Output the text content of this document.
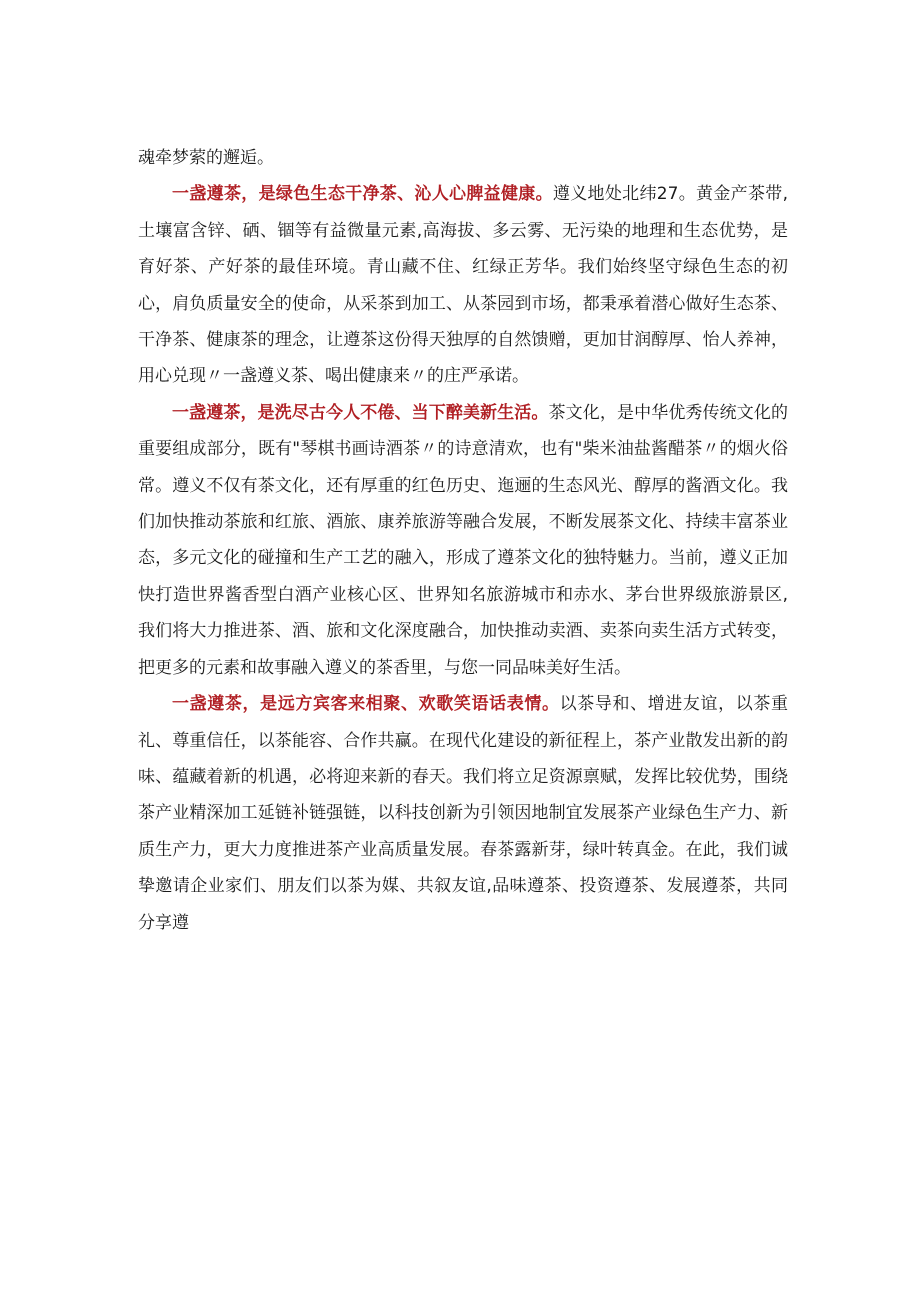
魂牵梦萦的邂逅。

一盏遵茶，是绿色生态干净茶、沁人心脾益健康。遵义地处北纬27。黄金产茶带,土壤富含锌、硒、锢等有益微量元素,高海拔、多云雾、无污染的地理和生态优势，是育好茶、产好茶的最佳环境。青山藏不住、红绿正芳华。我们始终坚守绿色生态的初心，肩负质量安全的使命，从采茶到加工、从茶园到市场，都秉承着潜心做好生态茶、干净茶、健康茶的理念，让遵茶这份得天独厚的自然馈赠，更加甘润醇厚、怡人养神，用心兑现〃一盏遵义茶、喝出健康来〃的庄严承诺。

一盏遵茶，是洗尽古今人不倦、当下醉美新生活。茶文化，是中华优秀传统文化的重要组成部分，既有"琴棋书画诗酒茶〃的诗意清欢，也有"柴米油盐酱醋茶〃的烟火俗常。遵义不仅有茶文化，还有厚重的红色历史、迤逦的生态风光、醇厚的酱酒文化。我们加快推动茶旅和红旅、酒旅、康养旅游等融合发展，不断发展茶文化、持续丰富茶业态，多元文化的碰撞和生产工艺的融入，形成了遵茶文化的独特魅力。当前，遵义正加快打造世界酱香型白酒产业核心区、世界知名旅游城市和赤水、茅台世界级旅游景区,我们将大力推进茶、酒、旅和文化深度融合，加快推动卖酒、卖茶向卖生活方式转变，把更多的元素和故事融入遵义的茶香里，与您一同品味美好生活。

一盏遵茶，是远方宾客来相聚、欢歌笑语话表情。以茶导和、增进友谊，以茶重礼、尊重信任，以茶能容、合作共赢。在现代化建设的新征程上，茶产业散发出新的韵味、蕴藏着新的机遇，必将迎来新的春天。我们将立足资源禀赋，发挥比较优势，围绕茶产业精深加工延链补链强链，以科技创新为引领因地制宜发展茶产业绿色生产力、新质生产力，更大力度推进茶产业高质量发展。春茶露新芽，绿叶转真金。在此，我们诚挚邀请企业家们、朋友们以茶为媒、共叙友谊,品味遵茶、投资遵茶、发展遵茶，共同分享遵
